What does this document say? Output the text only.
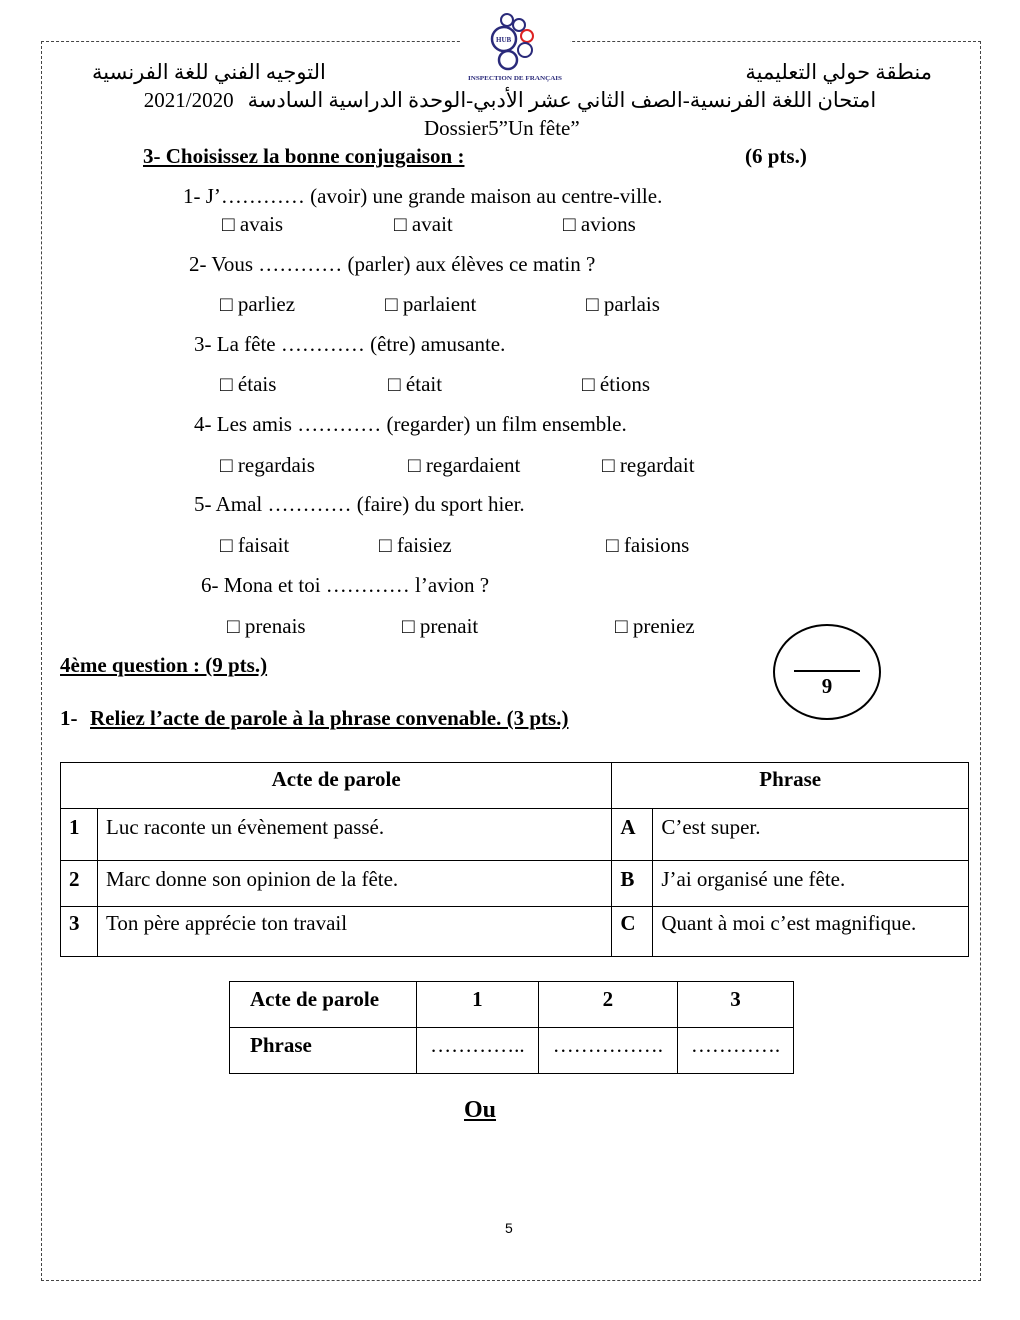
HUB
INSPECTION DE FRANÇAIS	منطقة حولي التعليمية
التوجيه الفني للغة الفرنسية
2021/2020 امتحان اللغة الفرنسية-الصف الثاني عشر الأدبي-الوحدة الدراسية السادسة
Dossier5”Un fête”
3- Choisissez la bonne conjugaison :	(6 pts.)
1- J’………… (avoir) une grande maison au centre-ville.
□ avais	□ avait	□ avions
2- Vous ………… (parler) aux élèves ce matin ?
□ parliez	□ parlaient	□ parlais
3- La fête ………… (être) amusante.
□ étais	□ était	□ étions
4- Les amis ………… (regarder) un film ensemble.
□ regardais	□ regardaient	□ regardait
5- Amal ………… (faire) du sport hier.
□ faisait	□ faisiez	□ faisions
6- Mona et toi ………… l’avion ?
□ prenais	□ prenait	□ preniez
4ème question : (9 pts.)
9
1- Reliez l’acte de parole à la phrase convenable. (3 pts.)
Acte de parole		Phrase	
1	Luc raconte un évènement passé.	A	C’est super.
2	Marc donne son opinion de la fête.	B	J’ai organisé une fête.
3	Ton père apprécie ton travail	C	Quant à moi c’est magnifique.
Acte de parole	1	2	3
Phrase	…………..	…………….	………….
Ou
5
